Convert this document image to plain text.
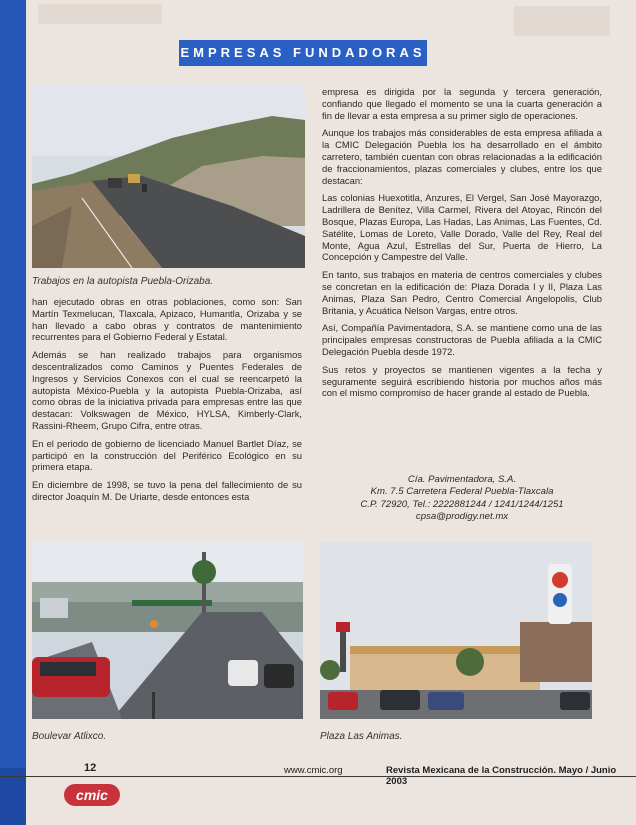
EMPRESAS FUNDADORAS
Trabajos en la autopista Puebla-Orizaba.

han ejecutado obras en otras poblaciones, como son: San Martín Texmelucan, Tlaxcala, Apizaco, Humantla, Orizaba y se han llevado a cabo obras y contratos de mantenimiento recurrentes para el Gobierno Federal y Estatal.

Además se han realizado trabajos para organismos descentralizados como Caminos y Puentes Federales de Ingresos y Servicios Conexos con el cual se reencarpetó la autopista México-Puebla y la autopista Puebla-Orizaba, así como obras de la iniciativa privada para empresas entre las que destacan: Volkswagen de México, HYLSA, Kimberly-Clark, Rassini-Rheem, Grupo Cifra, entre otras.

En el periodo de gobierno de licenciado Manuel Bartlet Díaz, se participó en la construcción del Periférico Ecológico en su primera etapa.

En diciembre de 1998, se tuvo la pena del fallecimiento de su director Joaquín M. De Uriarte, desde entonces esta

empresa es dirigida por la segunda y tercera generación, confiando que llegado el momento se una la cuarta generación a fin de llevar a esta empresa a su primer siglo de operaciones.

Aunque los trabajos más considerables de esta empresa afiliada a la CMIC Delegación Puebla los ha desarrollado en el ámbito carretero, también cuentan con obras relacionadas a la edificación de fraccionamientos, plazas comerciales y clubes, entre los que destacan:

Las colonias Huexotitla, Anzures, El Vergel, San José Mayorazgo, Ladrillera de Benítez, Villa Carmel, Rivera del Atoyac, Rincón del Bosque, Plazas Europa, Las Hadas, Las Animas, Las Fuentes, Cd. Satélite, Lomas de Loreto, Valle Dorado, Valle del Rey, Real del Monte, Agua Azul, Estrellas del Sur, Puerta de Hierro, La Concepción y Campestre del Valle.

En tanto, sus trabajos en materia de centros comerciales y clubes se concretan en la edificación de: Plaza Dorada I y II, Plaza Las Animas, Plaza San Pedro, Centro Comercial Angelopolis, Club Britania, y Acuática Nelson Vargas, entre otros.

Así, Compañía Pavimentadora, S.A. se mantiene como una de las principales empresas constructoras de Puebla afiliada a la CMIC Delegación Puebla desde 1972.

Sus retos y proyectos se mantienen vigentes a la fecha y seguramente seguirá escribiendo historia por muchos años más con el mismo compromiso de hacer grande al estado de Puebla.

Cía. Pavimentadora, S.A.
Km. 7.5 Carretera Federal Puebla-Tlaxcala
C.P. 72920, Tel.: 2222881244 / 1241/1244/1251
cpsa@prodigy.net.mx
Boulevar Atlixco.	Plaza Las Animas.
12	www.cmic.org	Revista Mexicana de la Construcción. Mayo / Junio 2003
cmic
